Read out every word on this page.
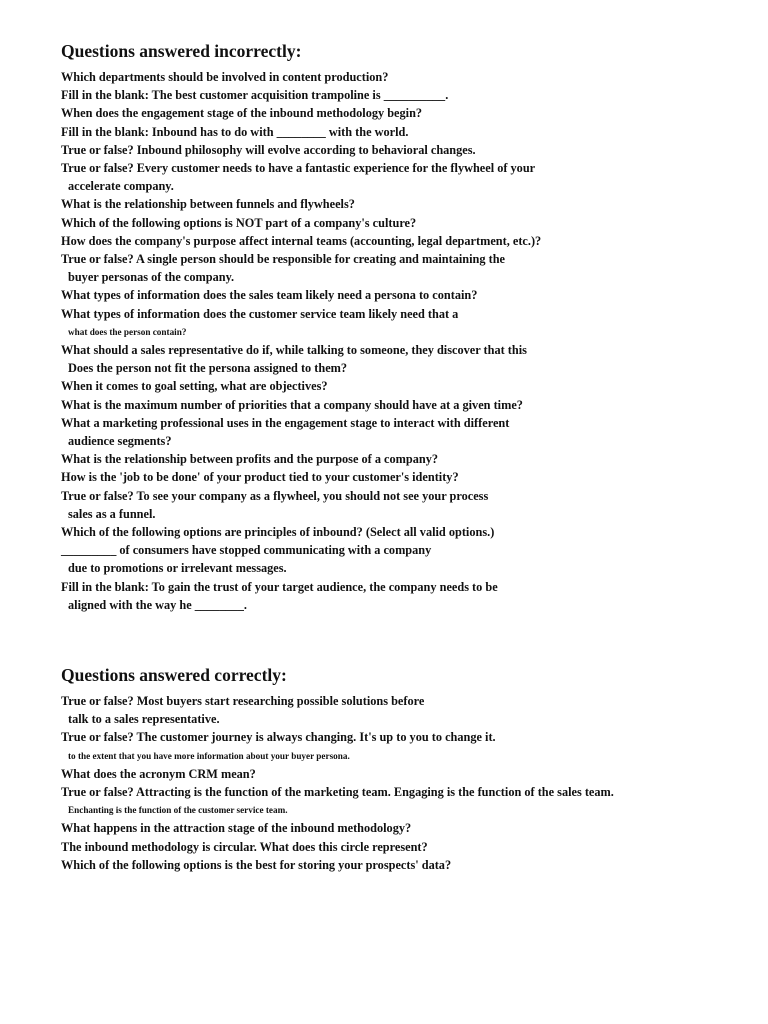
Questions answered incorrectly:
Which departments should be involved in content production?
Fill in the blank: The best customer acquisition trampoline is __________.
When does the engagement stage of the inbound methodology begin?
Fill in the blank: Inbound has to do with ________ with the world.
True or false? Inbound philosophy will evolve according to behavioral changes.
True or false? Every customer needs to have a fantastic experience for the flywheel of your
accelerate company.
What is the relationship between funnels and flywheels?
Which of the following options is NOT part of a company's culture?
How does the company's purpose affect internal teams (accounting, legal department, etc.)?
True or false? A single person should be responsible for creating and maintaining the
buyer personas of the company.
What types of information does the sales team likely need a persona to contain?
What types of information does the customer service team likely need that a
what does the person contain?
What should a sales representative do if, while talking to someone, they discover that this
Does the person not fit the persona assigned to them?
When it comes to goal setting, what are objectives?
What is the maximum number of priorities that a company should have at a given time?
What a marketing professional uses in the engagement stage to interact with different
audience segments?
What is the relationship between profits and the purpose of a company?
How is the 'job to be done' of your product tied to your customer's identity?
True or false? To see your company as a flywheel, you should not see your process
sales as a funnel.
Which of the following options are principles of inbound? (Select all valid options.)
_________ of consumers have stopped communicating with a company
due to promotions or irrelevant messages.
Fill in the blank: To gain the trust of your target audience, the company needs to be
aligned with the way he ________.
Questions answered correctly:
True or false? Most buyers start researching possible solutions before
talk to a sales representative.
True or false? The customer journey is always changing. It's up to you to change it.
to the extent that you have more information about your buyer persona.
What does the acronym CRM mean?
True or false? Attracting is the function of the marketing team. Engaging is the function of the sales team.
Enchanting is the function of the customer service team.
What happens in the attraction stage of the inbound methodology?
The inbound methodology is circular. What does this circle represent?
Which of the following options is the best for storing your prospects' data?
